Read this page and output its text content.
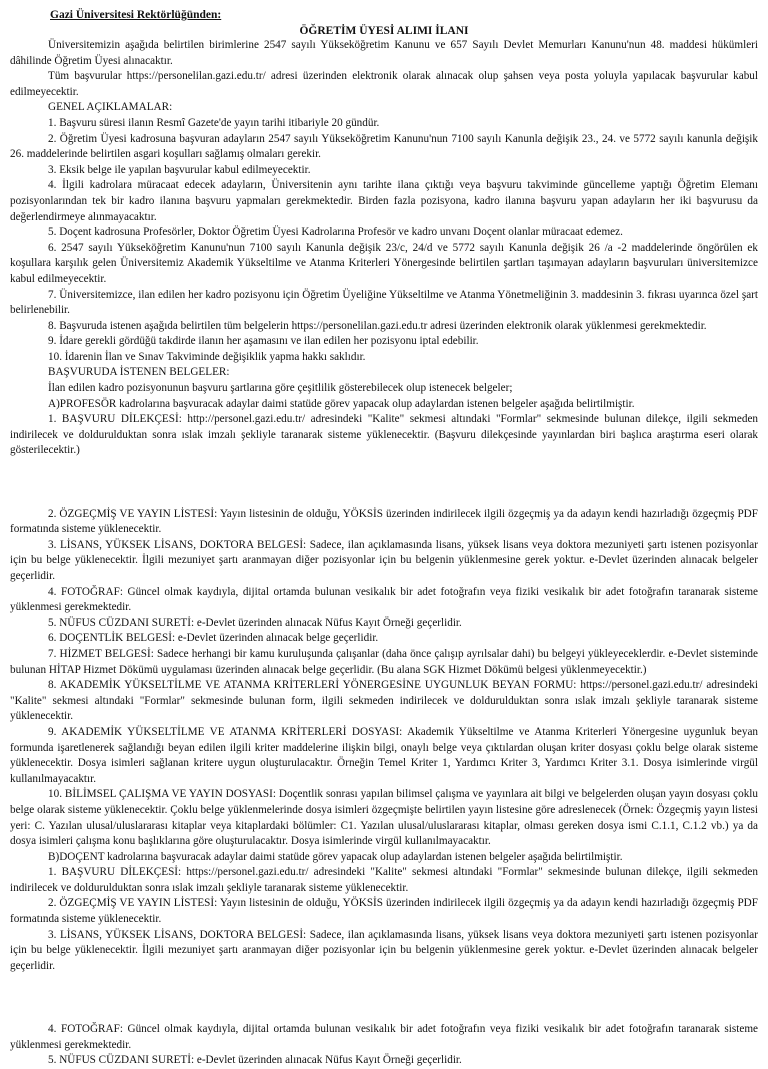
Gazi Üniversitesi Rektörlüğünden:
ÖĞRETİM ÜYESİ ALIMI İLANI

Üniversitemizin aşağıda belirtilen birimlerine 2547 sayılı Yükseköğretim Kanunu ve 657 Sayılı Devlet Memurları Kanunu'nun 48. maddesi hükümleri dâhilinde Öğretim Üyesi alınacaktır.

Tüm başvurular https://personelilan.gazi.edu.tr/ adresi üzerinden elektronik olarak alınacak olup şahsen veya posta yoluyla yapılacak başvurular kabul edilmeyecektir.

GENEL AÇIKLAMALAR:

1. Başvuru süresi ilanın Resmî Gazete'de yayın tarihi itibariyle 20 gündür.

2. Öğretim Üyesi kadrosuna başvuran adayların 2547 sayılı Yükseköğretim Kanunu'nun 7100 sayılı Kanunla değişik 23., 24. ve 5772 sayılı kanunla değişik 26. maddelerinde belirtilen asgari koşulları sağlamış olmaları gerekir.

3. Eksik belge ile yapılan başvurular kabul edilmeyecektir.

4. İlgili kadrolara müracaat edecek adayların, Üniversitenin aynı tarihte ilana çıktığı veya başvuru takviminde güncelleme yaptığı Öğretim Elemanı pozisyonlarından tek bir kadro ilanına başvuru yapmaları gerekmektedir. Birden fazla pozisyona, kadro ilanına başvuru yapan adayların her iki başvurusu da değerlendirmeye alınmayacaktır.

5. Doçent kadrosuna Profesörler, Doktor Öğretim Üyesi Kadrolarına Profesör ve kadro unvanı Doçent olanlar müracaat edemez.

6. 2547 sayılı Yükseköğretim Kanunu'nun 7100 sayılı Kanunla değişik 23/c, 24/d ve 5772 sayılı Kanunla değişik 26 /a -2 maddelerinde öngörülen ek koşullara karşılık gelen Üniversitemiz Akademik Yükseltilme ve Atanma Kriterleri Yönergesinde belirtilen şartları taşımayan adayların başvuruları üniversitemizce kabul edilmeyecektir.

7. Üniversitemizce, ilan edilen her kadro pozisyonu için Öğretim Üyeliğine Yükseltilme ve Atanma Yönetmeliğinin 3. maddesinin 3. fıkrası uyarınca özel şart belirlenebilir.

8. Başvuruda istenen aşağıda belirtilen tüm belgelerin https://personelilan.gazi.edu.tr adresi üzerinden elektronik olarak yüklenmesi gerekmektedir.

9. İdare gerekli gördüğü takdirde ilanın her aşamasını ve ilan edilen her pozisyonu iptal edebilir.

10. İdarenin İlan ve Sınav Takviminde değişiklik yapma hakkı saklıdır.

BAŞVURUDA İSTENEN BELGELER:

İlan edilen kadro pozisyonunun başvuru şartlarına göre çeşitlilik gösterebilecek olup istenecek belgeler;

A)PROFESÖR kadrolarına başvuracak adaylar daimi statüde görev yapacak olup adaylardan istenen belgeler aşağıda belirtilmiştir.

1. BAŞVURU DİLEKÇESİ: http://personel.gazi.edu.tr/ adresindeki "Kalite" sekmesi altındaki "Formlar" sekmesinde bulunan dilekçe, ilgili sekmeden indirilecek ve doldurulduktan sonra ıslak imzalı şekliyle taranarak sisteme yüklenecektir. (Başvuru dilekçesinde yayınlardan biri başlıca araştırma eseri olarak gösterilecektir.)

2. ÖZGEÇMİŞ VE YAYIN LİSTESİ: Yayın listesinin de olduğu, YÖKSİS üzerinden indirilecek ilgili özgeçmiş ya da adayın kendi hazırladığı özgeçmiş PDF formatında sisteme yüklenecektir.

3. LİSANS, YÜKSEK LİSANS, DOKTORA BELGESİ: Sadece, ilan açıklamasında lisans, yüksek lisans veya doktora mezuniyeti şartı istenen pozisyonlar için bu belge yüklenecektir. İlgili mezuniyet şartı aranmayan diğer pozisyonlar için bu belgenin yüklenmesine gerek yoktur. e-Devlet üzerinden alınacak belgeler geçerlidir.

4. FOTOĞRAF: Güncel olmak kaydıyla, dijital ortamda bulunan vesikalık bir adet fotoğrafın veya fiziki vesikalık bir adet fotoğrafın taranarak sisteme yüklenmesi gerekmektedir.

5. NÜFUS CÜZDANI SURETİ: e-Devlet üzerinden alınacak Nüfus Kayıt Örneği geçerlidir.

6. DOÇENTLİK BELGESİ: e-Devlet üzerinden alınacak belge geçerlidir.

7. HİZMET BELGESİ: Sadece herhangi bir kamu kuruluşunda çalışanlar (daha önce çalışıp ayrılsalar dahi) bu belgeyi yükleyeceklerdir. e-Devlet sisteminde bulunan HİTAP Hizmet Dökümü uygulaması üzerinden alınacak belge geçerlidir. (Bu alana SGK Hizmet Dökümü belgesi yüklenmeyecektir.)

8. AKADEMİK YÜKSELTİLME VE ATANMA KRİTERLERİ YÖNERGESİNE UYGUNLUK BEYAN FORMU: https://personel.gazi.edu.tr/ adresindeki "Kalite" sekmesi altındaki "Formlar" sekmesinde bulunan form, ilgili sekmeden indirilecek ve doldurulduktan sonra ıslak imzalı şekliyle taranarak sisteme yüklenecektir.

9. AKADEMİK YÜKSELTİLME VE ATANMA KRİTERLERİ DOSYASI: Akademik Yükseltilme ve Atanma Kriterleri Yönergesine uygunluk beyan formunda işaretlenerek sağlandığı beyan edilen ilgili kriter maddelerine ilişkin bilgi, onaylı belge veya çıktılardan oluşan kriter dosyası çoklu belge olarak sisteme yüklenecektir. Dosya isimleri sağlanan kritere uygun oluşturulacaktır. Örneğin Temel Kriter 1, Yardımcı Kriter 3, Yardımcı Kriter 3.1. Dosya isimlerinde virgül kullanılmayacaktır.

10. BİLİMSEL ÇALIŞMA VE YAYIN DOSYASI: Doçentlik sonrası yapılan bilimsel çalışma ve yayınlara ait bilgi ve belgelerden oluşan yayın dosyası çoklu belge olarak sisteme yüklenecektir. Çoklu belge yüklenmelerinde dosya isimleri özgeçmişte belirtilen yayın listesine göre adreslenecek (Örnek: Özgeçmiş yayın listesi yeri: C. Yazılan ulusal/uluslararası kitaplar veya kitaplardaki bölümler: C1. Yazılan ulusal/uluslararası kitaplar, olması gereken dosya ismi C.1.1, C.1.2 vb.) ya da dosya isimleri çalışma konu başlıklarına göre oluşturulacaktır. Dosya isimlerinde virgül kullanılmayacaktır.

B)DOÇENT kadrolarına başvuracak adaylar daimi statüde görev yapacak olup adaylardan istenen belgeler aşağıda belirtilmiştir.

1. BAŞVURU DİLEKÇESİ: https://personel.gazi.edu.tr/ adresindeki "Kalite" sekmesi altındaki "Formlar" sekmesinde bulunan dilekçe, ilgili sekmeden indirilecek ve doldurulduktan sonra ıslak imzalı şekliyle taranarak sisteme yüklenecektir.

2. ÖZGEÇMİŞ VE YAYIN LİSTESİ: Yayın listesinin de olduğu, YÖKSİS üzerinden indirilecek ilgili özgeçmiş ya da adayın kendi hazırladığı özgeçmiş PDF formatında sisteme yüklenecektir.

3. LİSANS, YÜKSEK LİSANS, DOKTORA BELGESİ: Sadece, ilan açıklamasında lisans, yüksek lisans veya doktora mezuniyeti şartı istenen pozisyonlar için bu belge yüklenecektir. İlgili mezuniyet şartı aranmayan diğer pozisyonlar için bu belgenin yüklenmesine gerek yoktur. e-Devlet üzerinden alınacak belgeler geçerlidir.

4. FOTOĞRAF: Güncel olmak kaydıyla, dijital ortamda bulunan vesikalık bir adet fotoğrafın veya fiziki vesikalık bir adet fotoğrafın taranarak sisteme yüklenmesi gerekmektedir.

5. NÜFUS CÜZDANI SURETİ: e-Devlet üzerinden alınacak Nüfus Kayıt Örneği geçerlidir.
